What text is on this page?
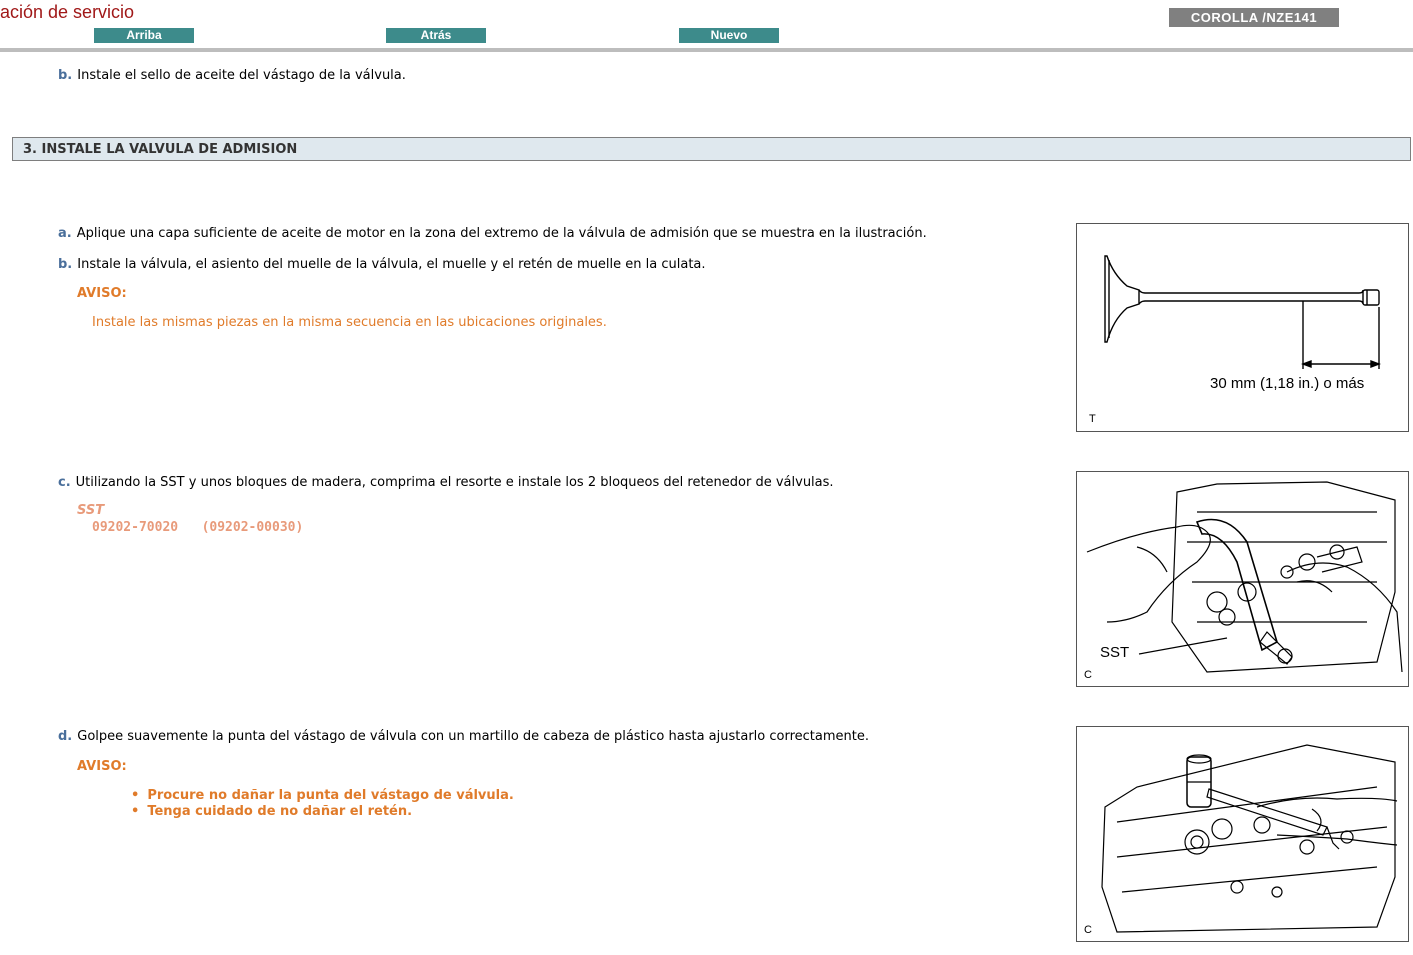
ación de servicio
Arriba	Atrás	Nuevo
COROLLA /NZE141
b. Instale el sello de aceite del vástago de la válvula.
3. INSTALE LA VALVULA DE ADMISION
a. Aplique una capa suficiente de aceite de motor en la zona del extremo de la válvula de admisión que se muestra en la ilustración.
b. Instale la válvula, el asiento del muelle de la válvula, el muelle y el retén de muelle en la culata.
AVISO:
Instale las mismas piezas en la misma secuencia en las ubicaciones originales.
30 mm (1,18 in.) o más
T
c. Utilizando la SST y unos bloques de madera, comprima el resorte e instale los 2 bloqueos del retenedor de válvulas.
SST
09202-70020   (09202-00030)
SST
C
d. Golpee suavemente la punta del vástago de válvula con un martillo de cabeza de plástico hasta ajustarlo correctamente.
AVISO:
• Procure no dañar la punta del vástago de válvula.
• Tenga cuidado de no dañar el retén.
C
